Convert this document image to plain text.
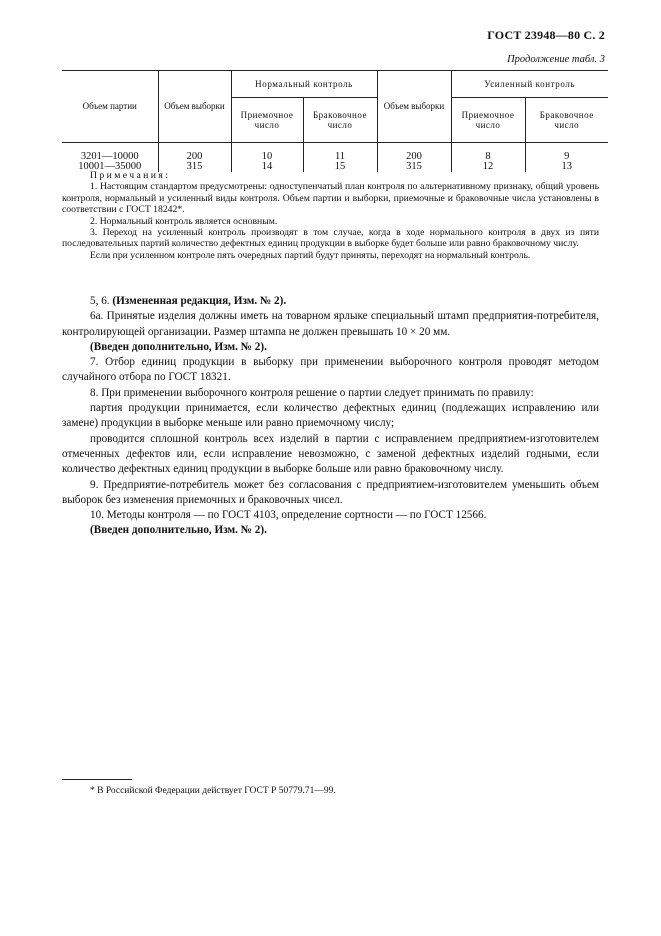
ГОСТ 23948—80 С. 2
Продолжение табл. 3
Объем партии	Объем выборки	Нормальный контроль		Объем выборки	Усиленный контроль	
		Приемочное число	Браковочное число		Приемочное число	Браковочное число
3201—10000	200	10	11	200	8	9
10001—35000	315	14	15	315	12	13

Примечания:

1. Настоящим стандартом предусмотрены: одноступенчатый план контроля по альтернативному признаку, общий уровень контроля, нормальный и усиленный виды контроля. Объем партии и выборки, приемочные и браковочные числа установлены в соответствии с ГОСТ 18242*.

2. Нормальный контроль является основным.

3. Переход на усиленный контроль производят в том случае, когда в ходе нормального контроля в двух из пяти последовательных партий количество дефектных единиц продукции в выборке будет больше или равно браковочному числу.

Если при усиленном контроле пять очередных партий будут приняты, переходят на нормальный контроль.

5, 6. (Измененная редакция, Изм. № 2).

6а. Принятые изделия должны иметь на товарном ярлыке специальный штамп предприятия-потребителя, контролирующей организации. Размер штампа не должен превышать 10 × 20 мм.

(Введен дополнительно, Изм. № 2).

7. Отбор единиц продукции в выборку при применении выборочного контроля проводят методом случайного отбора по ГОСТ 18321.

8. При применении выборочного контроля решение о партии следует принимать по правилу:

партия продукции принимается, если количество дефектных единиц (подлежащих исправлению или замене) продукции в выборке меньше или равно приемочному числу;

проводится сплошной контроль всех изделий в партии с исправлением предприятием-изготовителем отмеченных дефектов или, если исправление невозможно, с заменой дефектных изделий годными, если количество дефектных единиц продукции в выборке больше или равно браковочному числу.

9. Предприятие-потребитель может без согласования с предприятием-изготовителем уменьшить объем выборок без изменения приемочных и браковочных чисел.

10. Методы контроля — по ГОСТ 4103, определение сортности — по ГОСТ 12566.

(Введен дополнительно, Изм. № 2).

* В Российской Федерации действует ГОСТ Р 50779.71—99.
